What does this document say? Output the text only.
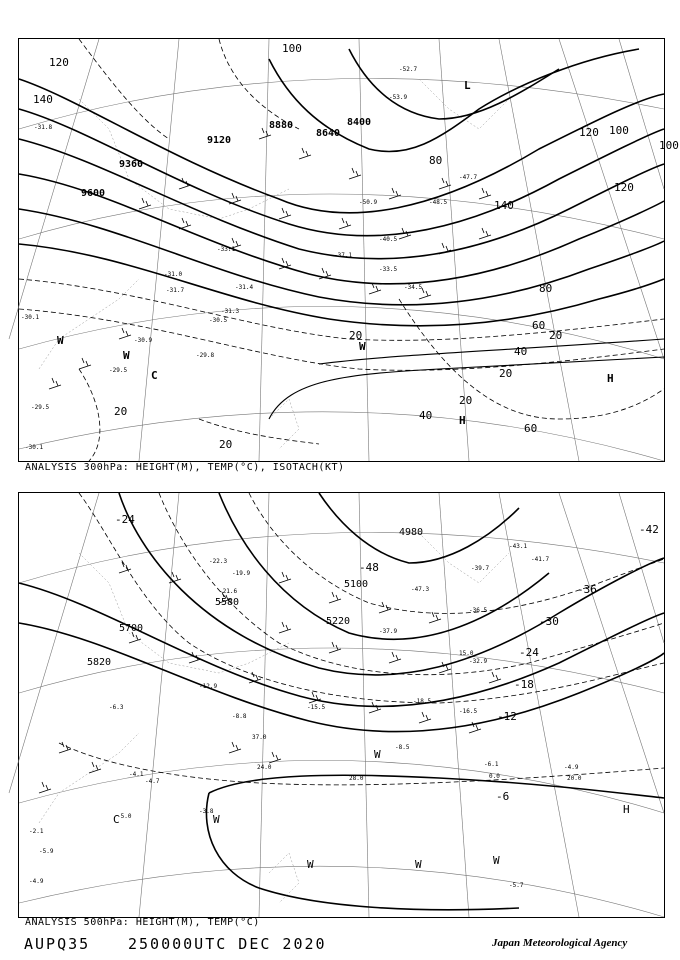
9600
9360
9120
8880
8640
8400
120
140
100
120 100
80
140
120
100
80
60
40
20
20
20
60
40
20
20	20
-31.8
-31.0
-33.1
-31.7
-30.1
-30.9
-29.5
-29.8
-31.4
-31.3
-30.5
-29.5
-30.1
-52.7
-53.9
-50.9
-47.7
-48.5
-40.5
-37.1
-33.5
-34.5
W
W
C
W
H
H
L
ANALYSIS 300hPa: HEIGHT(M), TEMP(°C), ISOTACH(KT)
5820
5700
5580
5220
5100
4980
-24
-42
-48
-36
-30
-24
-18
-12
-6
-22.3
-19.9
-21.6
-15.5
-12.9
-8.8
-6.3
-4.1
-5.0
-3.8
-8.5
-6.1	-4.9
-5.7
-37.9
-39.7
-41.7
-47.3
-43.1
-36.5
-32.9
-18.5
-16.5
-4.7
-2.1
-5.9
-4.9
24.0
37.0
20.0
28.0	0.0
15.0
W
W	W	W
W
C
H
ANALYSIS 500hPa: HEIGHT(M), TEMP(°C)
AUPQ35	250000UTC DEC 2020	Japan Meteorological Agency
